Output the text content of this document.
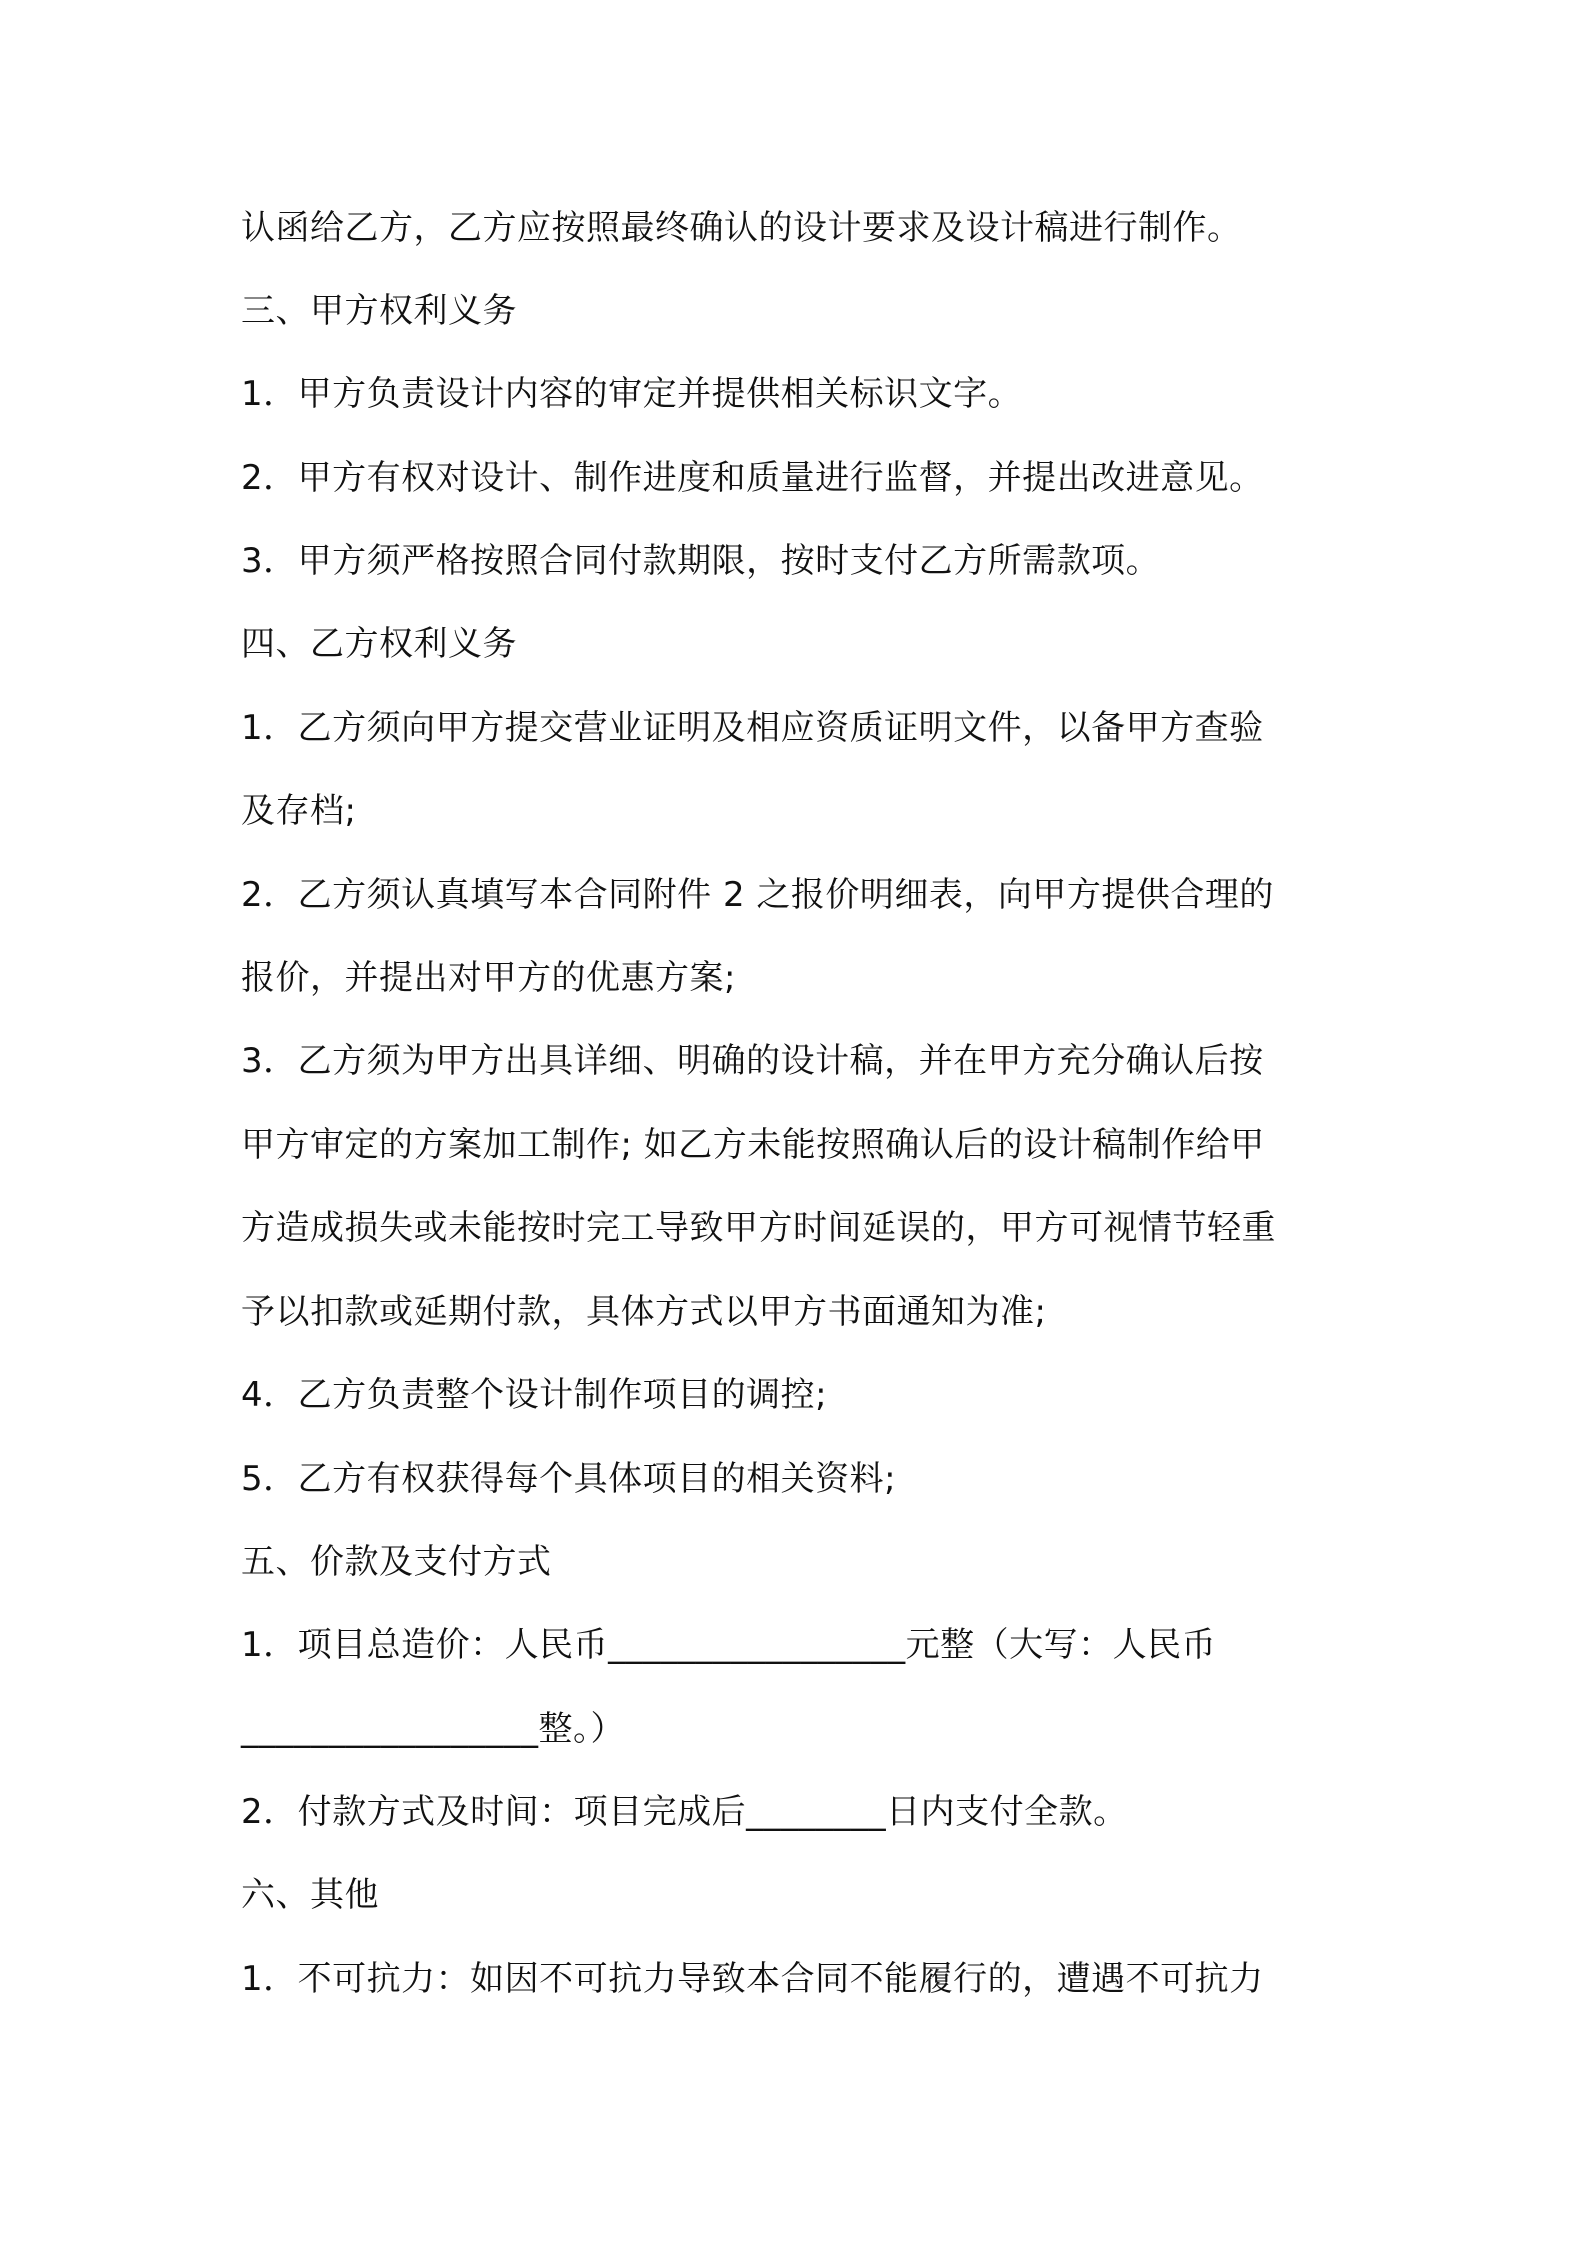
认函给乙方，乙方应按照最终确认的设计要求及设计稿进行制作。
三、甲方权利义务
1．甲方负责设计内容的审定并提供相关标识文字。
2．甲方有权对设计、制作进度和质量进行监督，并提出改进意见。
3．甲方须严格按照合同付款期限，按时支付乙方所需款项。
四、乙方权利义务
1．乙方须向甲方提交营业证明及相应资质证明文件，以备甲方查验
及存档;
2．乙方须认真填写本合同附件 2 之报价明细表，向甲方提供合理的
报价，并提出对甲方的优惠方案;
3．乙方须为甲方出具详细、明确的设计稿，并在甲方充分确认后按
甲方审定的方案加工制作; 如乙方未能按照确认后的设计稿制作给甲
方造成损失或未能按时完工导致甲方时间延误的，甲方可视情节轻重
予以扣款或延期付款，具体方式以甲方书面通知为准;
4．乙方负责整个设计制作项目的调控;
5．乙方有权获得每个具体项目的相关资料;
五、价款及支付方式
1．项目总造价：人民币_________________元整（大写：人民币
_________________整。）
2．付款方式及时间：项目完成后________日内支付全款。
六、其他
1．不可抗力：如因不可抗力导致本合同不能履行的，遭遇不可抗力
